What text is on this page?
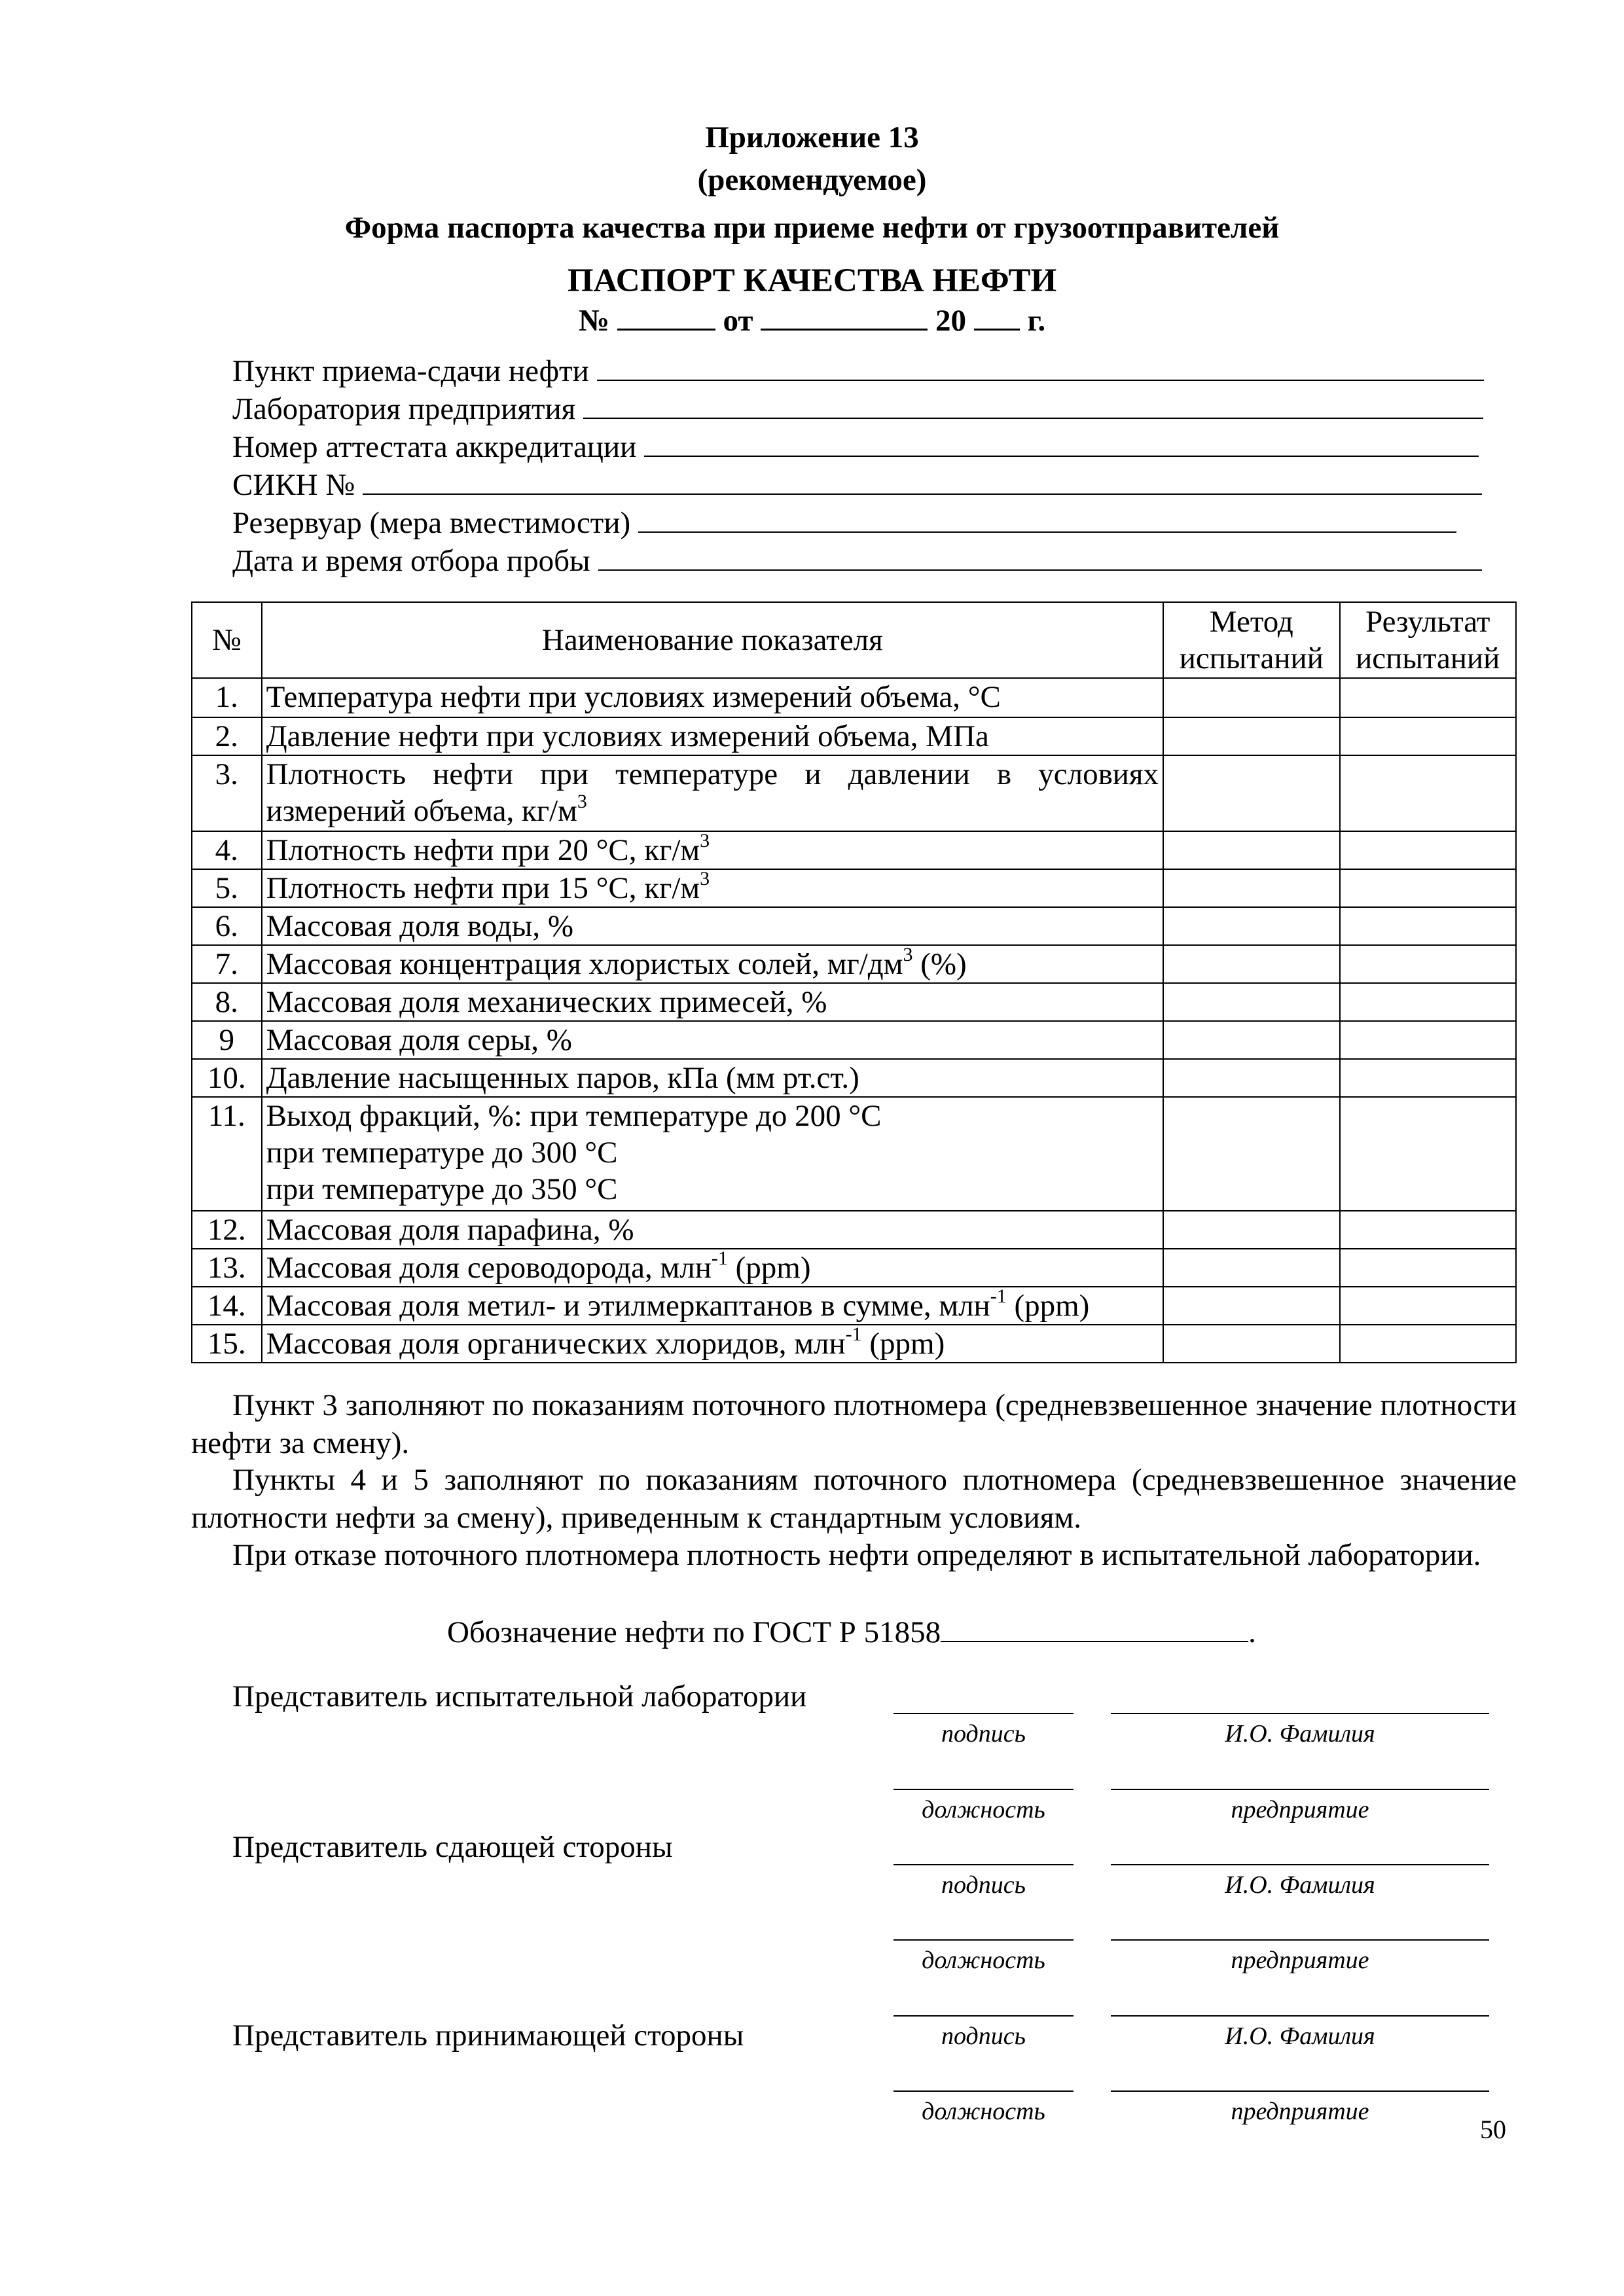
Приложение 13
(рекомендуемое)
Форма паспорта качества при приеме нефти от грузоотправителей
ПАСПОРТ КАЧЕСТВА НЕФТИ
№	от	20 г.
Пункт приема-сдачи нефти
Лаборатория предприятия
Номер аттестата аккредитации
СИКН №
Резервуар (мера вместимости)
Дата и время отбора пробы
№	Наименование показателя	Метод испытаний	Результат испытаний
1.	Температура нефти при условиях измерений объема, °С		
2.	Давление нефти при условиях измерений объема, МПа		
3.	Плотность нефти при температуре и давлении в условиях измерений объема, $кг/м^3$		
4.	Плотность нефти при 20 °С, $кг/м^3$		
5.	Плотность нефти при 15 °С, $кг/м^3$		
6.	Массовая доля воды, %		
7.	Массовая концентрация хлористых солей, $мг/дм^3$ (%)		
8.	Массовая доля механических примесей, %		
9	Массовая доля серы, %		
10.	Давление насыщенных паров, кПа (мм рт.ст.)		
11.	Выход фракций, %: при температуре до 200 °С
при температуре до 300 °С
при температуре до 350 °С		

12.	Массовая доля парафина, %		
13.	Массовая доля сероводорода, млн$^{-1}$ (ppm)		
14.	Массовая доля метил- и этилмеркаптанов в сумме, млн$^{-1}$ (ppm)		
15.	Массовая доля органических хлоридов, млн$^{-1}$ (ppm)		
Пункт 3 заполняют по показаниям поточного плотномера (средневзвешенное значение плотности нефти за смену).
Пункты 4 и 5 заполняют по показаниям поточного плотномера (средневзвешенное значение плотности нефти за смену), приведенным к стандартным условиям.
При отказе поточного плотномера плотность нефти определяют в испытательной лаборатории.
Обозначение нефти по ГОСТ Р 51858	.
Представитель испытательной лаборатории
Представитель сдающей стороны
Представитель принимающей стороны
подпись	И.О. Фамилия
должность	предприятие
подпись	И.О. Фамилия
должность	предприятие
подпись	И.О. Фамилия
должность	предприятие
50
